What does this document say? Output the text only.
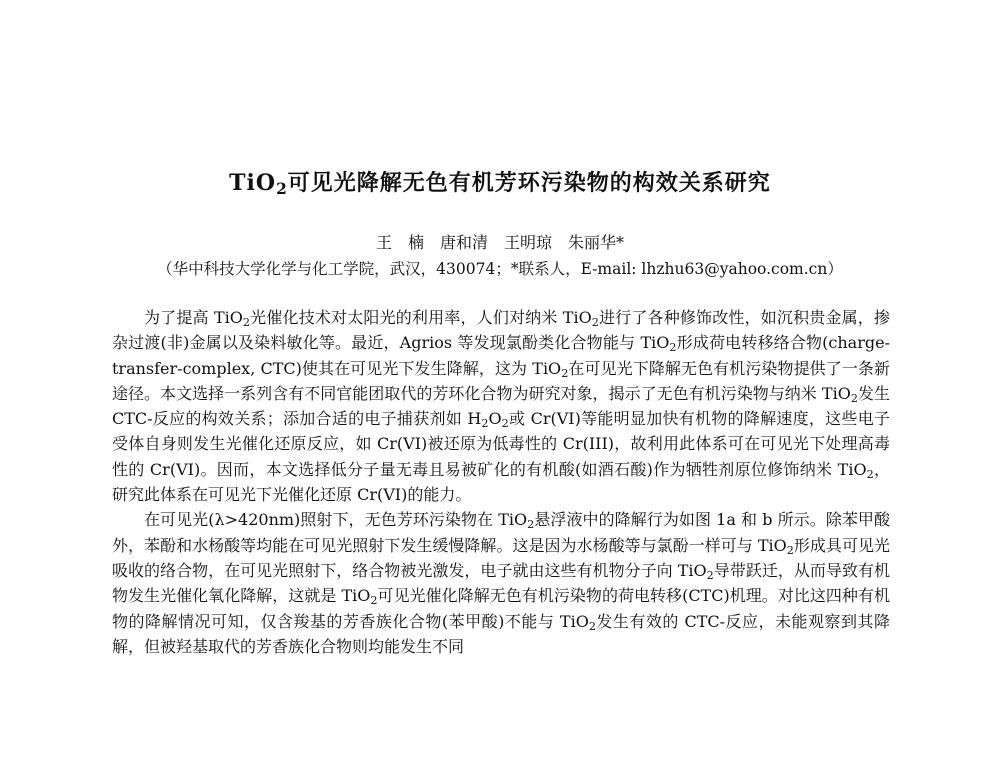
TiO$_2$可见光降解无色有机芳环污染物的构效关系研究
王　楠　唐和清　王明琼　朱丽华*
（华中科技大学化学与化工学院，武汉，430074；*联系人，E-mail: lhzhu63@yahoo.com.cn）

为了提高 TiO$_2$光催化技术对太阳光的利用率，人们对纳米 TiO$_2$进行了各种修饰改性，如沉积贵金属，掺杂过渡(非)金属以及染料敏化等。最近，Agrios 等发现氯酚类化合物能与 TiO$_2$形成荷电转移络合物(charge-transfer-complex, CTC)使其在可见光下发生降解，这为 TiO$_2$在可见光下降解无色有机污染物提供了一条新途径。本文选择一系列含有不同官能团取代的芳环化合物为研究对象，揭示了无色有机污染物与纳米 TiO$_2$发生 CTC-反应的构效关系；添加合适的电子捕获剂如 $H_2O_2$或 Cr(VI)等能明显加快有机物的降解速度，这些电子受体自身则发生光催化还原反应，如 Cr(VI)被还原为低毒性的 Cr(III)，故利用此体系可在可见光下处理高毒性的 Cr(VI)。因而，本文选择低分子量无毒且易被矿化的有机酸(如酒石酸)作为牺牲剂原位修饰纳米 TiO$_2$，研究此体系在可见光下光催化还原 Cr(VI)的能力。

在可见光(λ>420nm)照射下，无色芳环污染物在 TiO$_2$悬浮液中的降解行为如图 1a 和 b 所示。除苯甲酸外，苯酚和水杨酸等均能在可见光照射下发生缓慢降解。这是因为水杨酸等与氯酚一样可与 TiO$_2$形成具可见光吸收的络合物，在可见光照射下，络合物被光激发，电子就由这些有机物分子向 TiO$_2$导带跃迁，从而导致有机物发生光催化氧化降解，这就是 TiO$_2$可见光催化降解无色有机污染物的荷电转移(CTC)机理。对比这四种有机物的降解情况可知，仅含羧基的芳香族化合物(苯甲酸)不能与 TiO$_2$发生有效的 CTC-反应，未能观察到其降解，但被羟基取代的芳香族化合物则均能发生不同
